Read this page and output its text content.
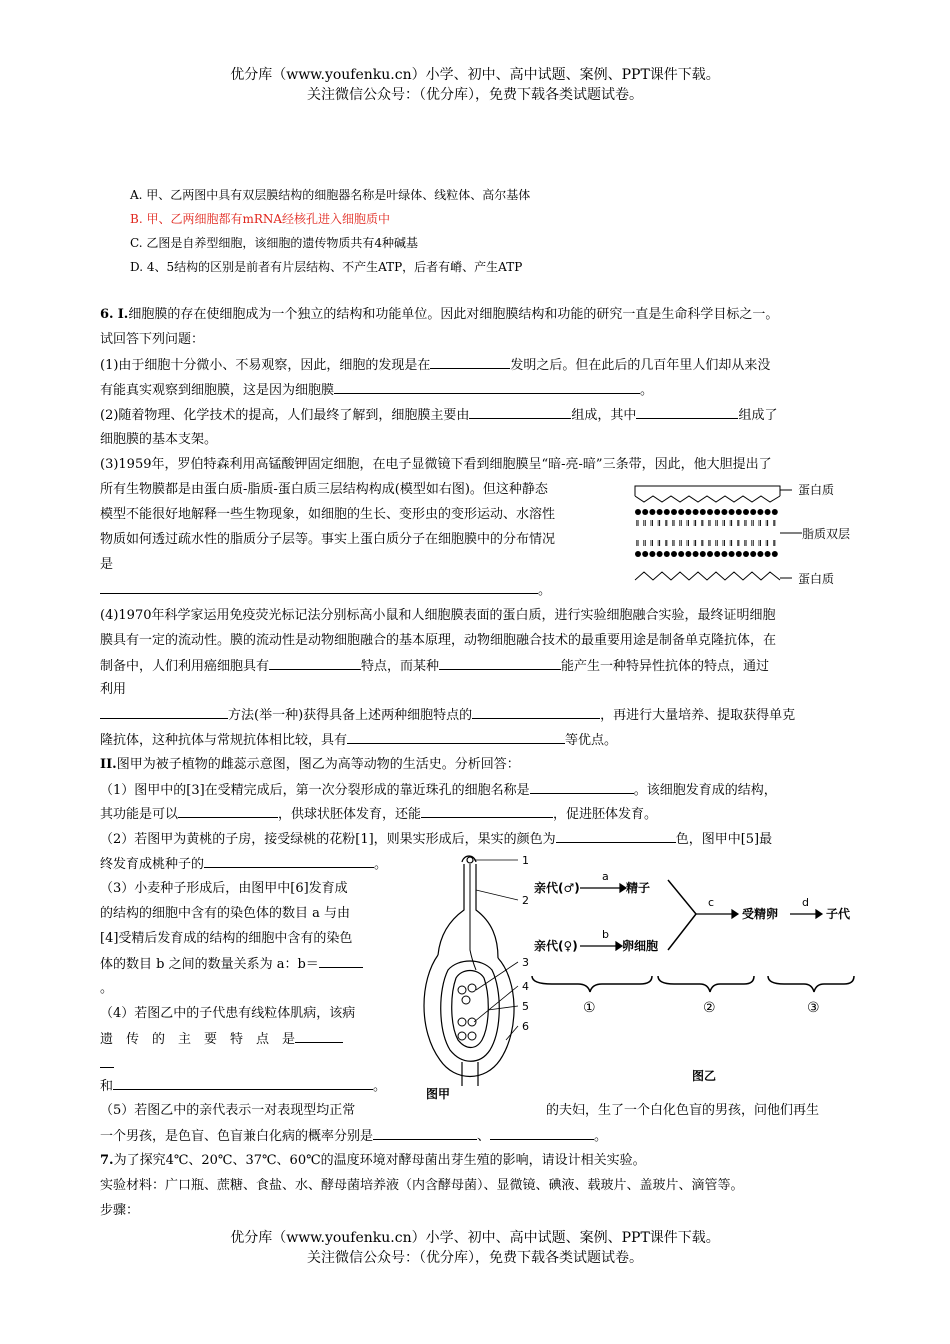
优分库（www.youfenku.cn）小学、初中、高中试题、案例、PPT课件下载。
关注微信公众号：（优分库），免费下载各类试题试卷。
A. 甲、乙两图中具有双层膜结构的细胞器名称是叶绿体、线粒体、高尔基体
B. 甲、乙两细胞都有mRNA经核孔进入细胞质中
C. 乙图是自养型细胞，该细胞的遗传物质共有4种碱基
D. 4、5结构的区别是前者有片层结构、不产生ATP，后者有嵴、产生ATP
6. I.细胞膜的存在使细胞成为一个独立的结构和功能单位。因此对细胞膜结构和功能的研究一直是生命科学目标之一。
试回答下列问题：
(1)由于细胞十分微小、不易观察，因此，细胞的发现是在	发明之后。但在此后的几百年里人们却从来没
有能真实观察到细胞膜，这是因为细胞膜	。
(2)随着物理、化学技术的提高，人们最终了解到，细胞膜主要由	组成，其中	组成了
细胞膜的基本支架。
(3)1959年，罗伯特森利用高锰酸钾固定细胞，在电子显微镜下看到细胞膜呈“暗-亮-暗”三条带，因此，他大胆提出了
所有生物膜都是由蛋白质-脂质-蛋白质三层结构构成(模型如右图)。但这种静态
模型不能很好地解释一些生物现象，如细胞的生长、变形虫的变形运动、水溶性
物质如何透过疏水性的脂质分子层等。事实上蛋白质分子在细胞膜中的分布情况
是
。
蛋白质
脂质双层
蛋白质
(4)1970年科学家运用免疫荧光标记法分别标高小鼠和人细胞膜表面的蛋白质，进行实验细胞融合实验，最终证明细胞
膜具有一定的流动性。膜的流动性是动物细胞融合的基本原理，动物细胞融合技术的最重要用途是制备单克隆抗体，在
制备中，人们利用癌细胞具有	特点，而某种	能产生一种特异性抗体的特点，通过
利用
方法(举一种)获得具备上述两种细胞特点的	，再进行大量培养、提取获得单克
隆抗体，这种抗体与常规抗体相比较，具有	等优点。
II.图甲为被子植物的雌蕊示意图，图乙为高等动物的生活史。分析回答：
（1）图甲中的[3]在受精完成后，第一次分裂形成的靠近珠孔的细胞名称是	。该细胞发育成的结构，
其功能是可以	，供球状胚体发育，还能	，促进胚体发育。
（2）若图甲为黄桃的子房，接受绿桃的花粉[1]，则果实形成后，果实的颜色为	色，图甲中[5]最
终发育成桃种子的	。
（3）小麦种子形成后，由图甲中[6]发育成
的结构的细胞中含有的染色体的数目 a 与由
[4]受精后发育成的结构的细胞中含有的染色
体的数目 b 之间的数量关系为 a：b＝
。
（4）若图乙中的子代患有线粒体肌病，该病
遗　传　的　主　要　特　点　是
和	。
（5）若图乙中的亲代表示一对表现型均正常	的夫妇，生了一个白化色盲的男孩，问他们再生
一个男孩，是色盲、色盲兼白化病的概率分别是	、	。
7.为了探究4℃、20℃、37℃、60℃的温度环境对酵母菌出芽生殖的影响，请设计相关实验。
实验材料：广口瓶、蔗糖、食盐、水、酵母菌培养液（内含酵母菌）、显微镜、碘液、载玻片、盖玻片、滴管等。
步骤：
优分库（www.youfenku.cn）小学、初中、高中试题、案例、PPT课件下载。
关注微信公众号：（优分库），免费下载各类试题试卷。
1
2
3
4
5
6
图甲
亲代(♂)
亲代(♀)
精子
卵细胞
受精卵	子代
a
b
c	d
①	②	③
图乙
